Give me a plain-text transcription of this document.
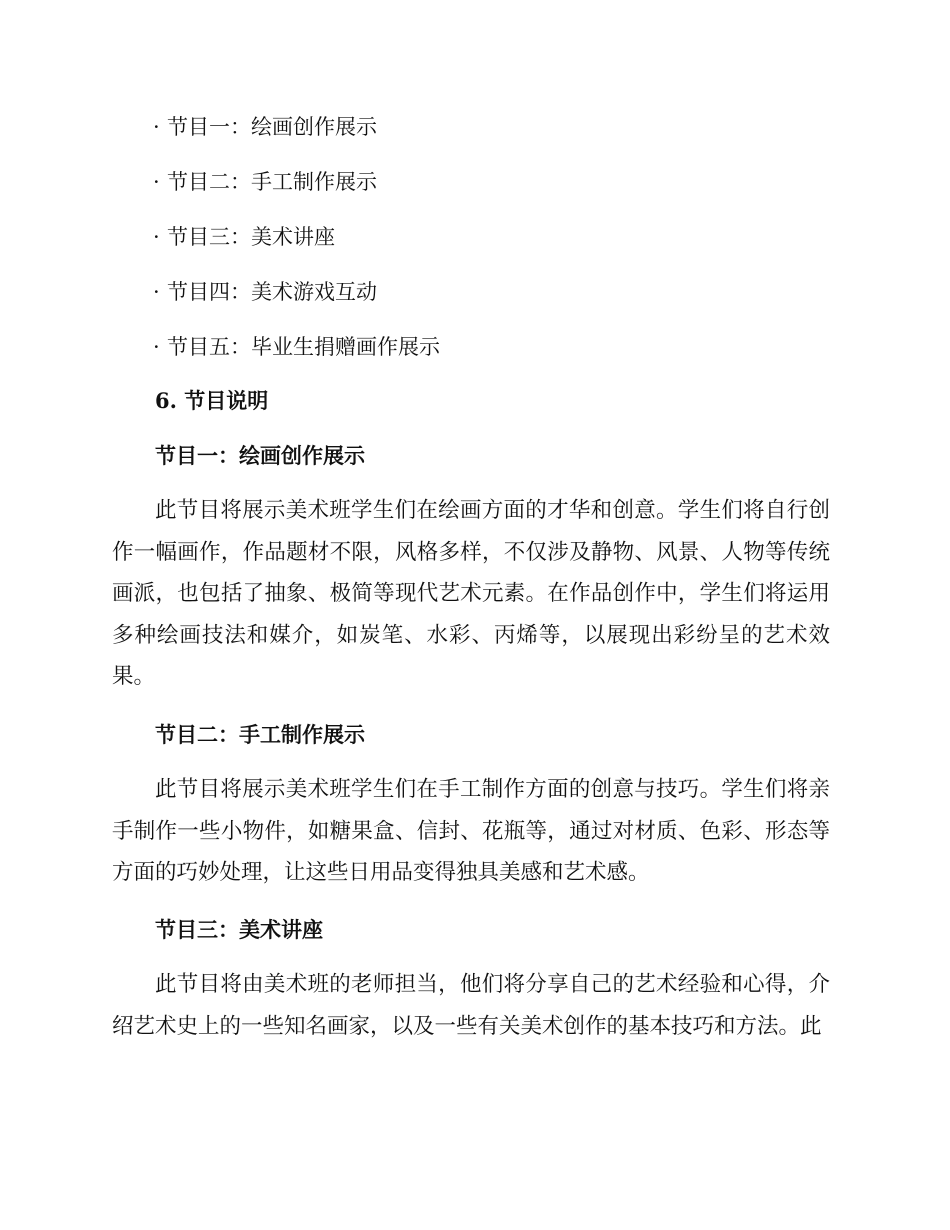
· 节目一：绘画创作展示
· 节目二：手工制作展示
· 节目三：美术讲座
· 节目四：美术游戏互动
· 节目五：毕业生捐赠画作展示
6. 节目说明
节目一：绘画创作展示

此节目将展示美术班学生们在绘画方面的才华和创意。学生们将自行创作一幅画作，作品题材不限，风格多样，不仅涉及静物、风景、人物等传统画派，也包括了抽象、极简等现代艺术元素。在作品创作中，学生们将运用多种绘画技法和媒介，如炭笔、水彩、丙烯等，以展现出彩纷呈的艺术效果。

节目二：手工制作展示

此节目将展示美术班学生们在手工制作方面的创意与技巧。学生们将亲手制作一些小物件，如糖果盒、信封、花瓶等，通过对材质、色彩、形态等方面的巧妙处理，让这些日用品变得独具美感和艺术感。

节目三：美术讲座

此节目将由美术班的老师担当，他们将分享自己的艺术经验和心得，介绍艺术史上的一些知名画家，以及一些有关美术创作的基本技巧和方法。此
